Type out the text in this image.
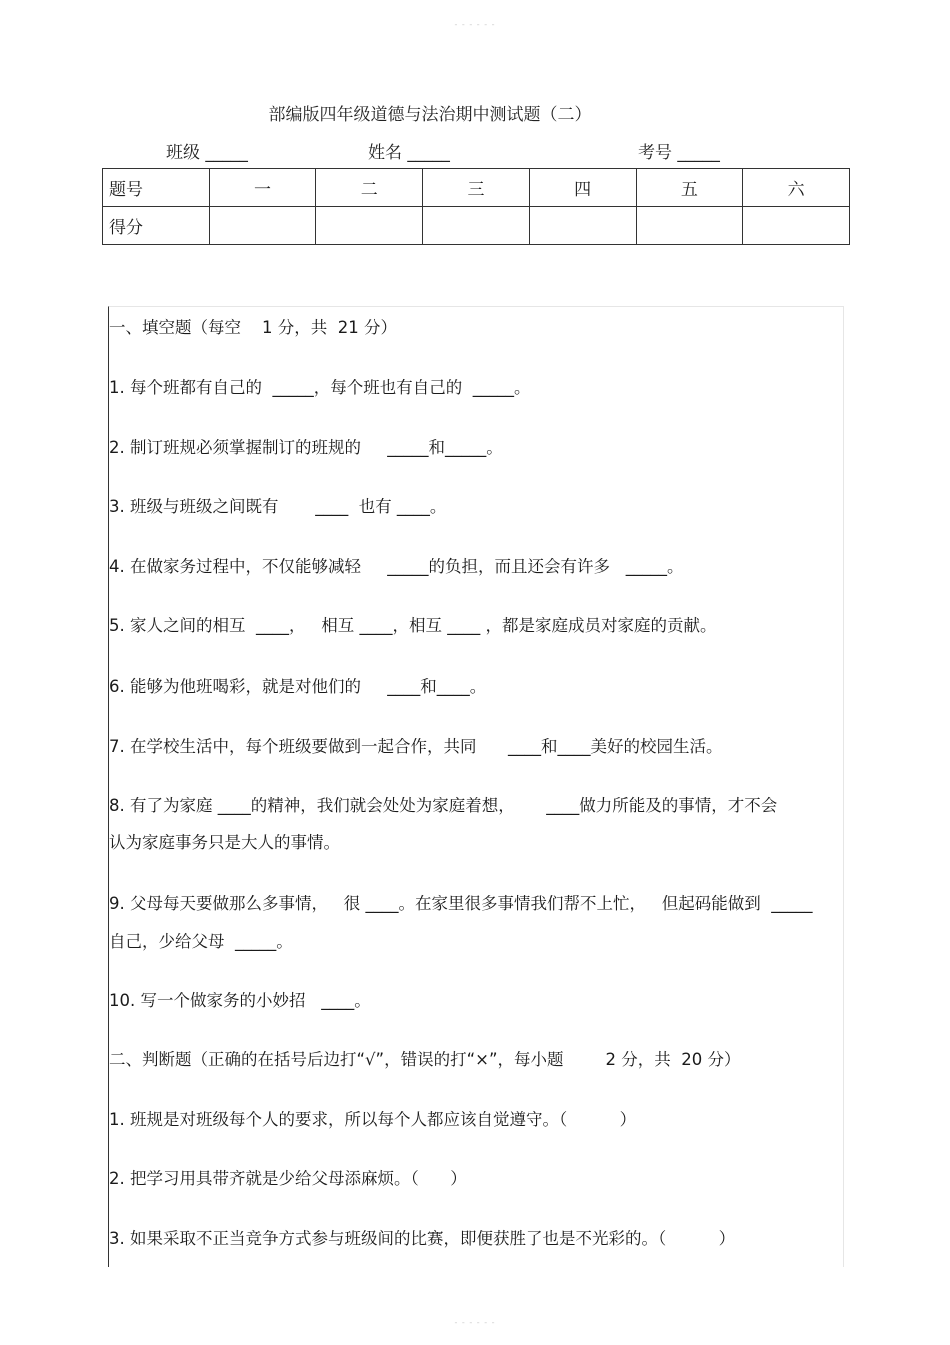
- - - - - -
部编版四年级道德与法治期中测试题（二）
班级 _____	姓名 _____	考号 _____
题号	一	二	三	四	五	六
得分						
一、填空题（每空    1 分，共  21 分）
1. 每个班都有自己的  _____，每个班也有自己的  _____。
2. 制订班规必须掌握制订的班规的     _____和_____。
3. 班级与班级之间既有       ____  也有 ____。
4. 在做家务过程中，不仅能够减轻     _____的负担，而且还会有许多   _____。
5. 家人之间的相互  ____，   相互 ____，相互 ____ ，都是家庭成员对家庭的贡献。
6. 能够为他班喝彩，就是对他们的     ____和____。
7. 在学校生活中，每个班级要做到一起合作，共同      ____和____美好的校园生活。
8. 有了为家庭 ____的精神，我们就会处处为家庭着想，      ____做力所能及的事情，才不会
认为家庭事务只是大人的事情。
9. 父母每天要做那么多事情，   很 ____。在家里很多事情我们帮不上忙，   但起码能做到  _____
自己，少给父母  _____。
10. 写一个做家务的小妙招   ____。
二、判断题（正确的在括号后边打“√”，错误的打“×”，每小题        2 分，共  20 分）
1. 班规是对班级每个人的要求，所以每个人都应该自觉遵守。（          ）
2. 把学习用具带齐就是少给父母添麻烦。（      ）
3. 如果采取不正当竞争方式参与班级间的比赛，即便获胜了也是不光彩的。（          ）
- - - - - -
